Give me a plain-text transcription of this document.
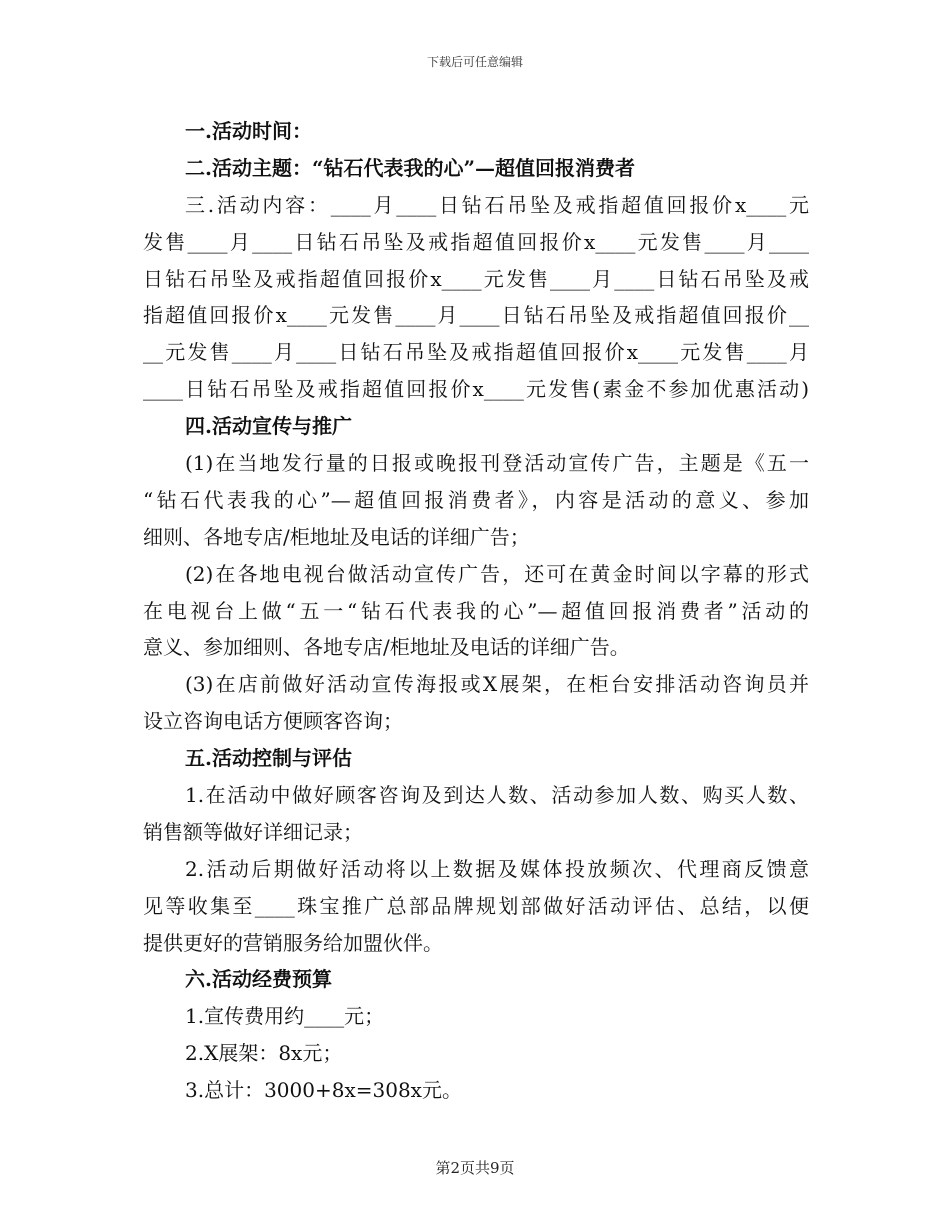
下载后可任意编辑
一.活动时间：
二.活动主题：“钻石代表我的心”—超值回报消费者
三.活动内容：____月____日钻石吊坠及戒指超值回报价x____元
发售____月____日钻石吊坠及戒指超值回报价x____元发售____月____
日钻石吊坠及戒指超值回报价x____元发售____月____日钻石吊坠及戒
指超值回报价x____元发售____月____日钻石吊坠及戒指超值回报价__
__元发售____月____日钻石吊坠及戒指超值回报价x____元发售____月
____日钻石吊坠及戒指超值回报价x____元发售(素金不参加优惠活动)
四.活动宣传与推广
(1)在当地发行量的日报或晚报刊登活动宣传广告，主题是《五一
“钻石代表我的心”—超值回报消费者》，内容是活动的意义、参加
细则、各地专店/柜地址及电话的详细广告；
(2)在各地电视台做活动宣传广告，还可在黄金时间以字幕的形式
在电视台上做“五一“钻石代表我的心”—超值回报消费者”活动的
意义、参加细则、各地专店/柜地址及电话的详细广告。
(3)在店前做好活动宣传海报或X展架，在柜台安排活动咨询员并
设立咨询电话方便顾客咨询；
五.活动控制与评估
1.在活动中做好顾客咨询及到达人数、活动参加人数、购买人数、
销售额等做好详细记录；
2.活动后期做好活动将以上数据及媒体投放频次、代理商反馈意
见等收集至____珠宝推广总部品牌规划部做好活动评估、总结，以便
提供更好的营销服务给加盟伙伴。
六.活动经费预算
1.宣传费用约____元；
2.X展架：8x元；
3.总计：3000+8x=308x元。
第2页共9页
